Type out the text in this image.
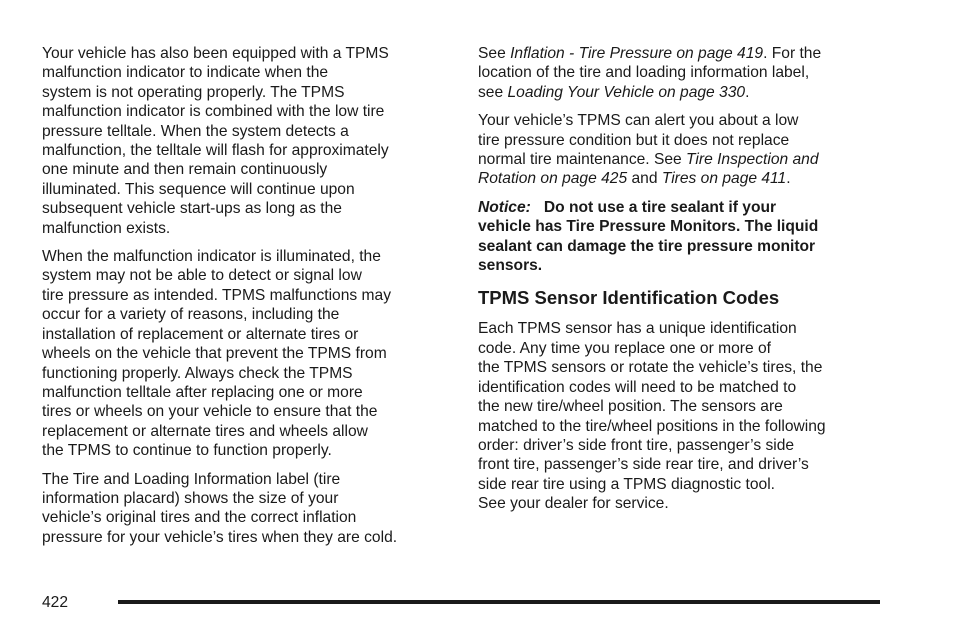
Your vehicle has also been equipped with a TPMS
malfunction indicator to indicate when the
system is not operating properly. The TPMS
malfunction indicator is combined with the low tire
pressure telltale. When the system detects a
malfunction, the telltale will flash for approximately
one minute and then remain continuously
illuminated. This sequence will continue upon
subsequent vehicle start-ups as long as the
malfunction exists.

When the malfunction indicator is illuminated, the
system may not be able to detect or signal low
tire pressure as intended. TPMS malfunctions may
occur for a variety of reasons, including the
installation of replacement or alternate tires or
wheels on the vehicle that prevent the TPMS from
functioning properly. Always check the TPMS
malfunction telltale after replacing one or more
tires or wheels on your vehicle to ensure that the
replacement or alternate tires and wheels allow
the TPMS to continue to function properly.

The Tire and Loading Information label (tire
information placard) shows the size of your
vehicle’s original tires and the correct inflation
pressure for your vehicle’s tires when they are cold.

See Inflation - Tire Pressure on page 419. For the
location of the tire and loading information label,
see Loading Your Vehicle on page 330.

Your vehicle’s TPMS can alert you about a low
tire pressure condition but it does not replace
normal tire maintenance. See Tire Inspection and
Rotation on page 425 and Tires on page 411.

Notice: Do not use a tire sealant if your
vehicle has Tire Pressure Monitors. The liquid
sealant can damage the tire pressure monitor
sensors.

TPMS Sensor Identification Codes

Each TPMS sensor has a unique identification
code. Any time you replace one or more of
the TPMS sensors or rotate the vehicle’s tires, the
identification codes will need to be matched to
the new tire/wheel position. The sensors are
matched to the tire/wheel positions in the following
order: driver’s side front tire, passenger’s side
front tire, passenger’s side rear tire, and driver’s
side rear tire using a TPMS diagnostic tool.
See your dealer for service.

422
